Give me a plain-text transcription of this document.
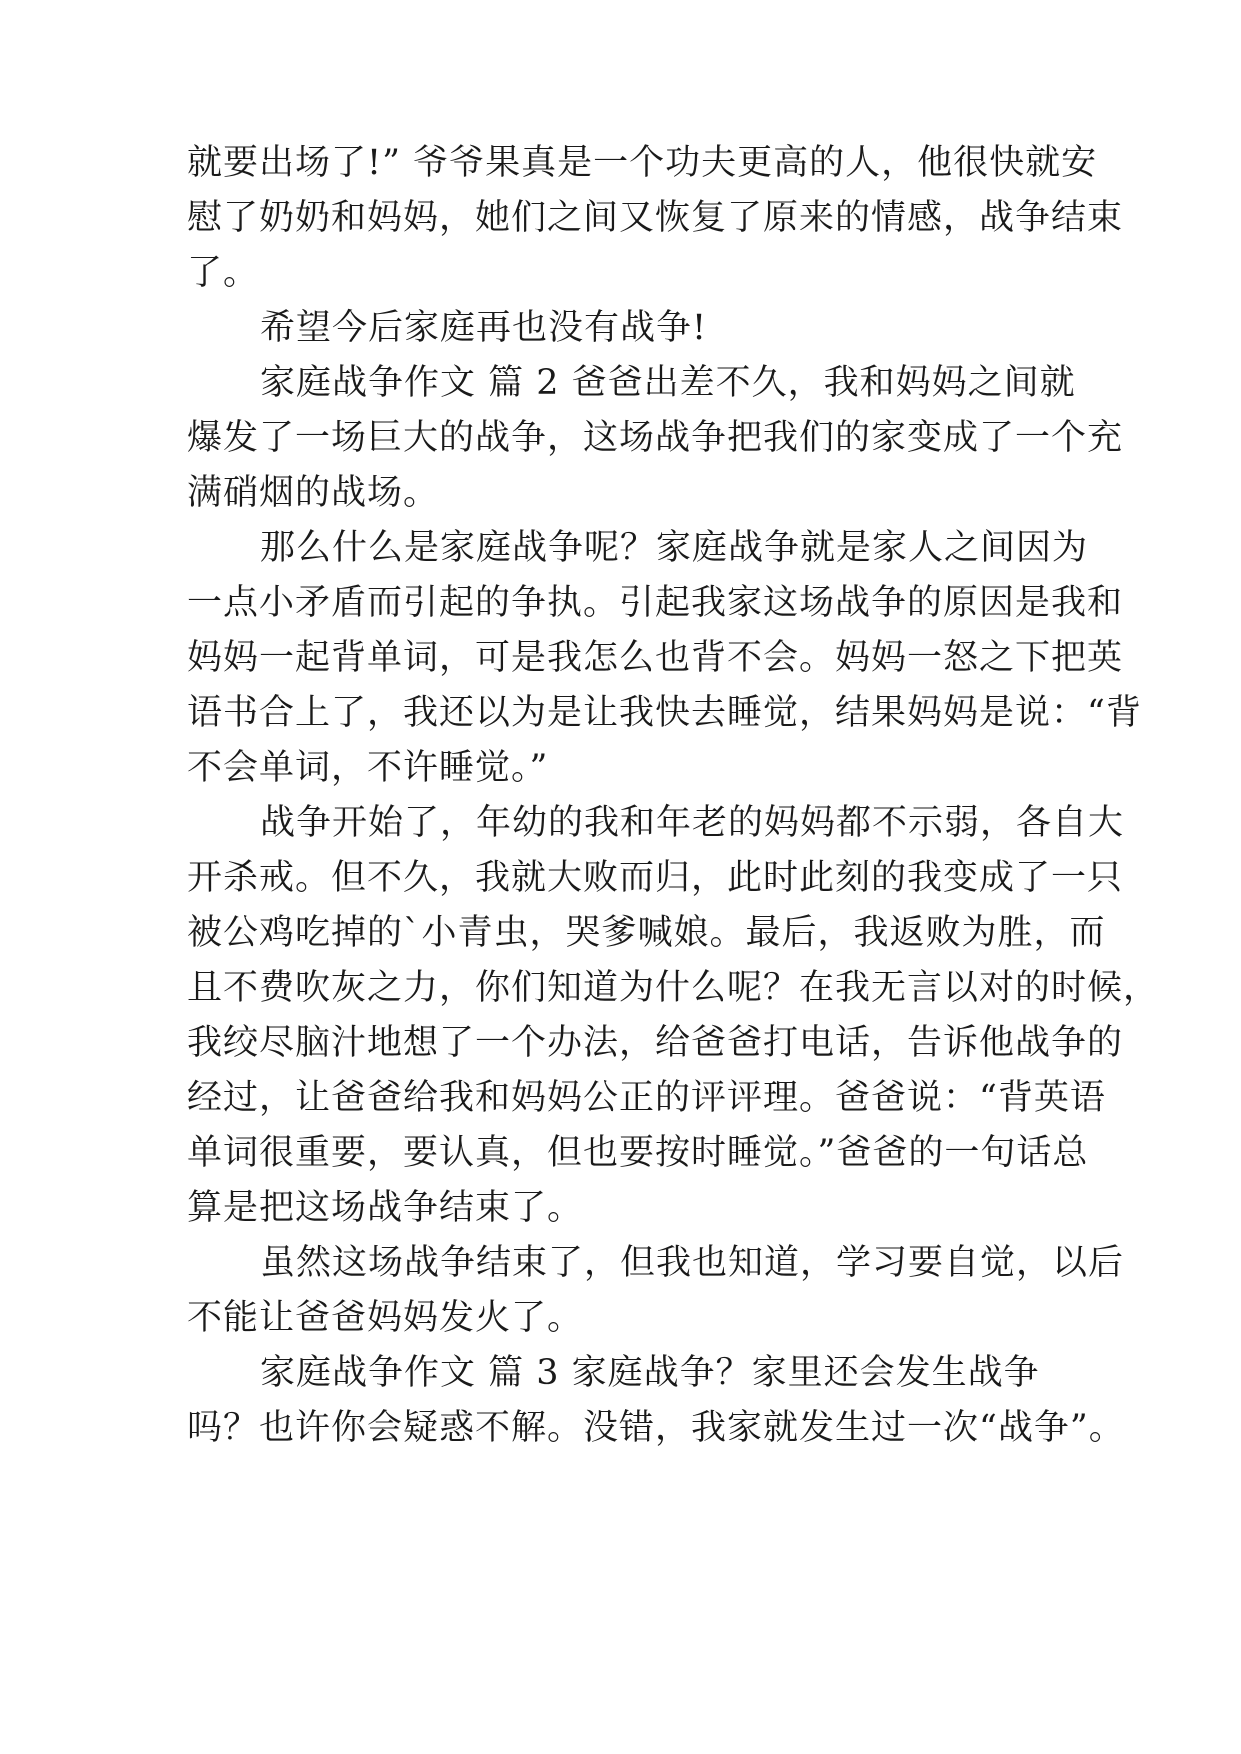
就要出场了!” 爷爷果真是一个功夫更高的人，他很快就安
慰了奶奶和妈妈，她们之间又恢复了原来的情感，战争结束
了。
希望今后家庭再也没有战争!
家庭战争作文 篇 2 爸爸出差不久，我和妈妈之间就
爆发了一场巨大的战争，这场战争把我们的家变成了一个充
满硝烟的战场。
那么什么是家庭战争呢？家庭战争就是家人之间因为
一点小矛盾而引起的争执。引起我家这场战争的原因是我和
妈妈一起背单词，可是我怎么也背不会。妈妈一怒之下把英
语书合上了，我还以为是让我快去睡觉，结果妈妈是说：“背
不会单词，不许睡觉。”
战争开始了，年幼的我和年老的妈妈都不示弱，各自大
开杀戒。但不久，我就大败而归，此时此刻的我变成了一只
被公鸡吃掉的`小青虫，哭爹喊娘。最后，我返败为胜，而
且不费吹灰之力，你们知道为什么呢？在我无言以对的时候，
我绞尽脑汁地想了一个办法，给爸爸打电话，告诉他战争的
经过，让爸爸给我和妈妈公正的评评理。爸爸说：“背英语
单词很重要，要认真，但也要按时睡觉。”爸爸的一句话总
算是把这场战争结束了。
虽然这场战争结束了，但我也知道，学习要自觉，以后
不能让爸爸妈妈发火了。
家庭战争作文 篇 3 家庭战争？家里还会发生战争
吗？也许你会疑惑不解。没错，我家就发生过一次“战争”。
